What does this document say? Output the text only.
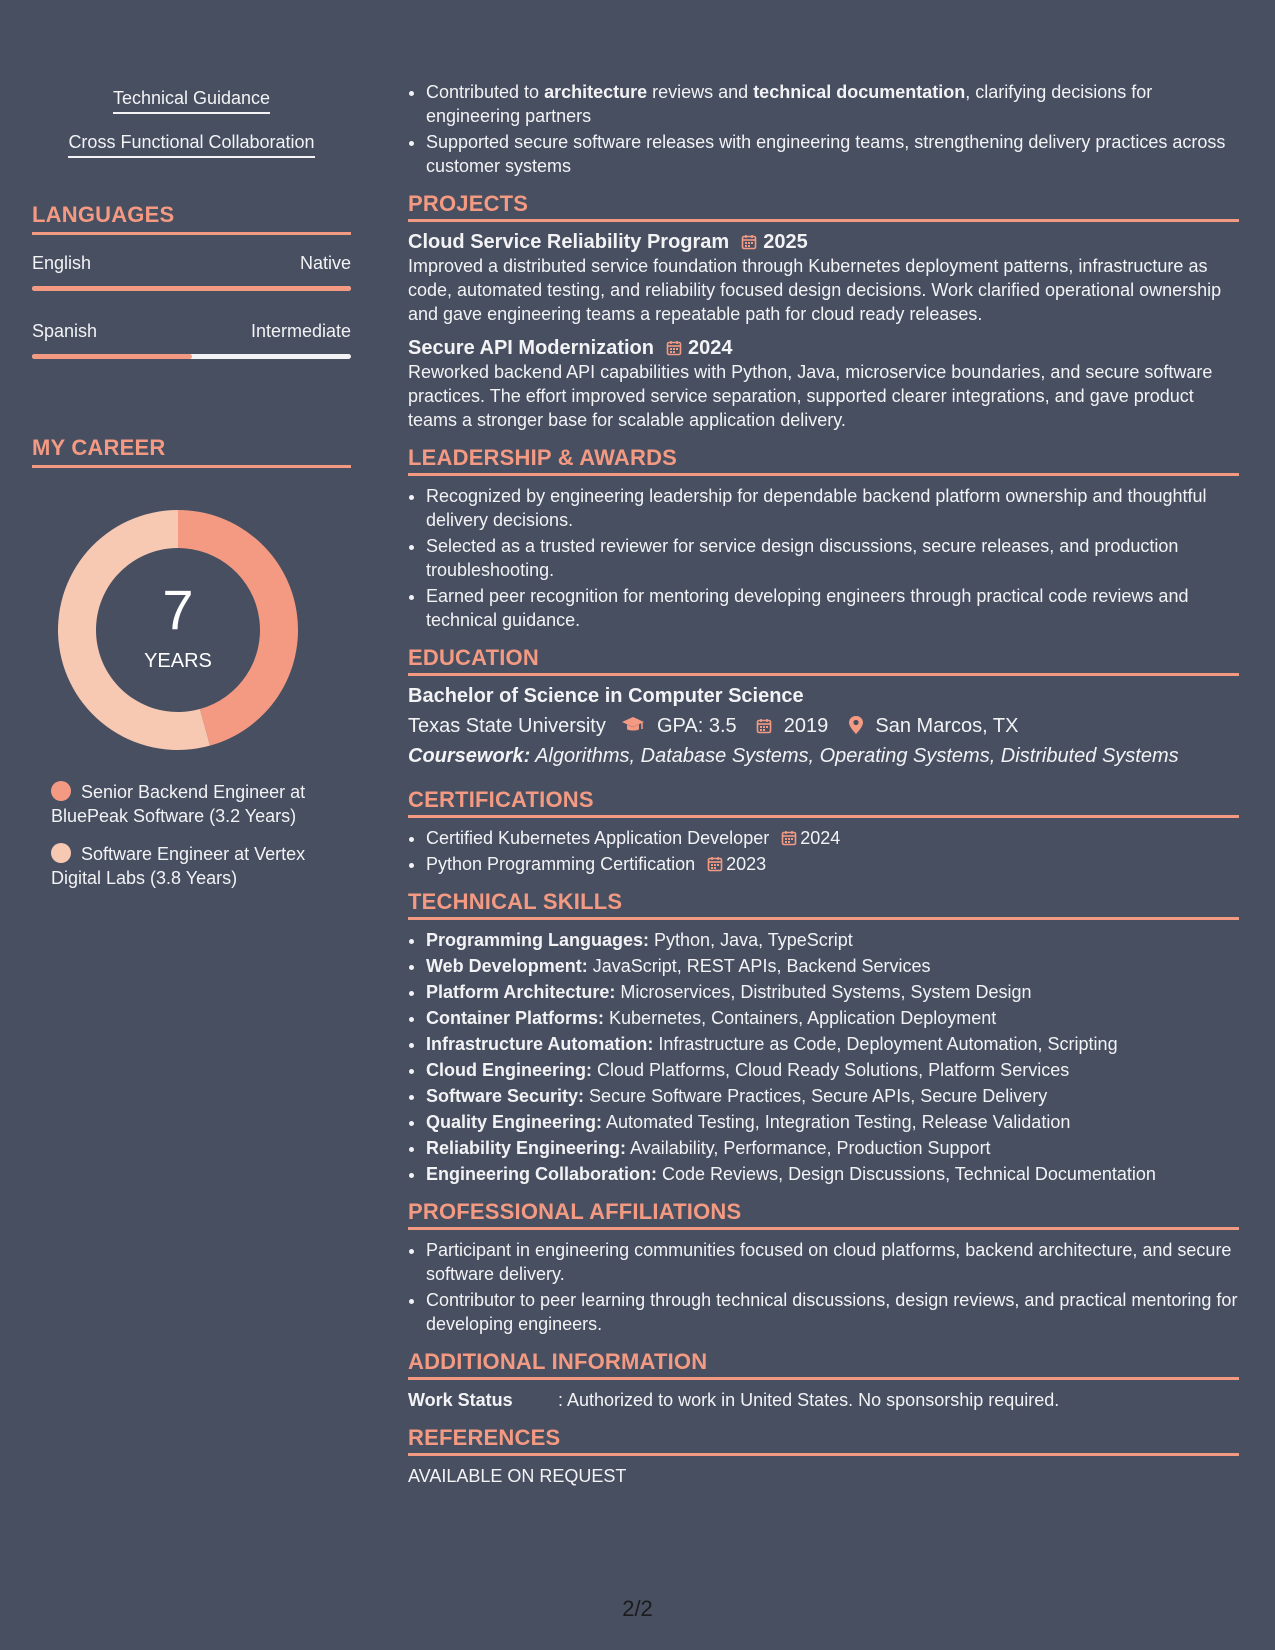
Technical Guidance
Cross Functional Collaboration
LANGUAGES
English	Native
Spanish	Intermediate
MY CAREER
7
YEARS
Senior Backend Engineer at BluePeak Software (3.2 Years)
Software Engineer at Vertex Digital Labs (3.8 Years)
• Contributed to architecture reviews and technical documentation, clarifying decisions for engineering partners
• Supported secure software releases with engineering teams, strengthening delivery practices across customer systems
PROJECTS
Cloud Service Reliability Program 2025
Improved a distributed service foundation through Kubernetes deployment patterns, infrastructure as code, automated testing, and reliability focused design decisions. Work clarified operational ownership and gave engineering teams a repeatable path for cloud ready releases.
Secure API Modernization 2024
Reworked backend API capabilities with Python, Java, microservice boundaries, and secure software practices. The effort improved service separation, supported clearer integrations, and gave product teams a stronger base for scalable application delivery.
LEADERSHIP & AWARDS
• Recognized by engineering leadership for dependable backend platform ownership and thoughtful delivery decisions.
• Selected as a trusted reviewer for service design discussions, secure releases, and production troubleshooting.
• Earned peer recognition for mentoring developing engineers through practical code reviews and technical guidance.
EDUCATION
Bachelor of Science in Computer Science
Texas State University	GPA: 3.5 2019 San Marcos, TX
Coursework: Algorithms, Database Systems, Operating Systems, Distributed Systems
CERTIFICATIONS
• Certified Kubernetes Application Developer 2024
• Python Programming Certification 2023
TECHNICAL SKILLS
• Programming Languages: Python, Java, TypeScript
• Web Development: JavaScript, REST APIs, Backend Services
• Platform Architecture: Microservices, Distributed Systems, System Design
• Container Platforms: Kubernetes, Containers, Application Deployment
• Infrastructure Automation: Infrastructure as Code, Deployment Automation, Scripting
• Cloud Engineering: Cloud Platforms, Cloud Ready Solutions, Platform Services
• Software Security: Secure Software Practices, Secure APIs, Secure Delivery
• Quality Engineering: Automated Testing, Integration Testing, Release Validation
• Reliability Engineering: Availability, Performance, Production Support
• Engineering Collaboration: Code Reviews, Design Discussions, Technical Documentation
PROFESSIONAL AFFILIATIONS
• Participant in engineering communities focused on cloud platforms, backend architecture, and secure software delivery.
• Contributor to peer learning through technical discussions, design reviews, and practical mentoring for developing engineers.
ADDITIONAL INFORMATION
Work Status	: Authorized to work in United States. No sponsorship required.
REFERENCES
AVAILABLE ON REQUEST
2/2
